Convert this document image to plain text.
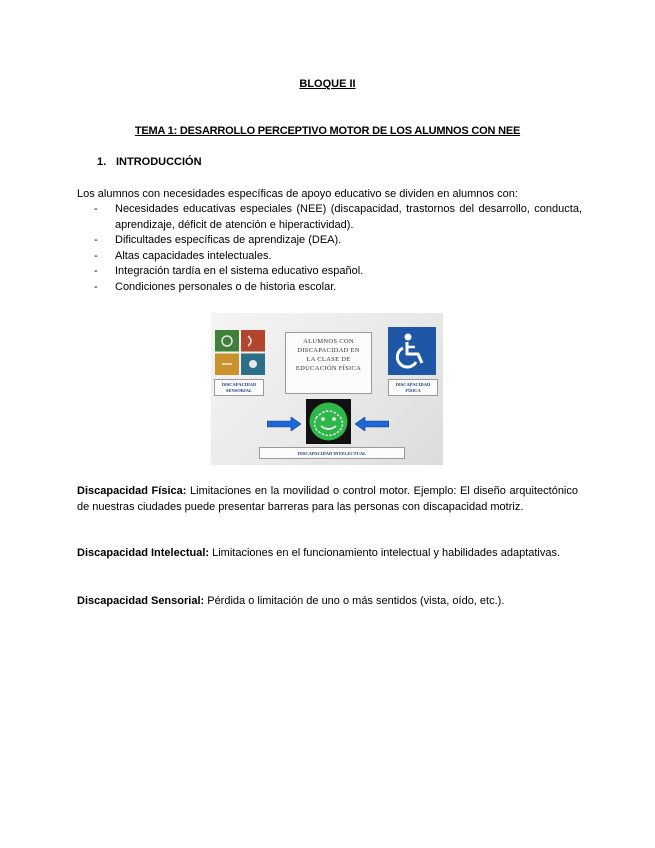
BLOQUE II
TEMA 1: DESARROLLO PERCEPTIVO MOTOR DE LOS ALUMNOS CON NEE
1. INTRODUCCIÓN
Los alumnos con necesidades específicas de apoyo educativo se dividen en alumnos con:
- Necesidades educativas especiales (NEE) (discapacidad, trastornos del desarrollo, conducta, aprendizaje, déficit de atención e hiperactividad).
- Dificultades específicas de aprendizaje (DEA).
- Altas capacidades intelectuales.
- Integración tardía en el sistema educativo español.
- Condiciones personales o de historia escolar.
ALUMNOS CON
DISCAPACIDAD EN
LA CLASE DE
EDUCACIÓN FÍSICA
DISCAPACIDAD
SENSORIAL
DISCAPACIDAD
FÍSICA
DISCAPACIDAD INTELECTUAL
Discapacidad Física: Limitaciones en la movilidad o control motor. Ejemplo: El diseño arquitectónico de nuestras ciudades puede presentar barreras para las personas con discapacidad motriz.
Discapacidad Intelectual: Limitaciones en el funcionamiento intelectual y habilidades adaptativas.
Discapacidad Sensorial: Pérdida o limitación de uno o más sentidos (vista, oído, etc.).
